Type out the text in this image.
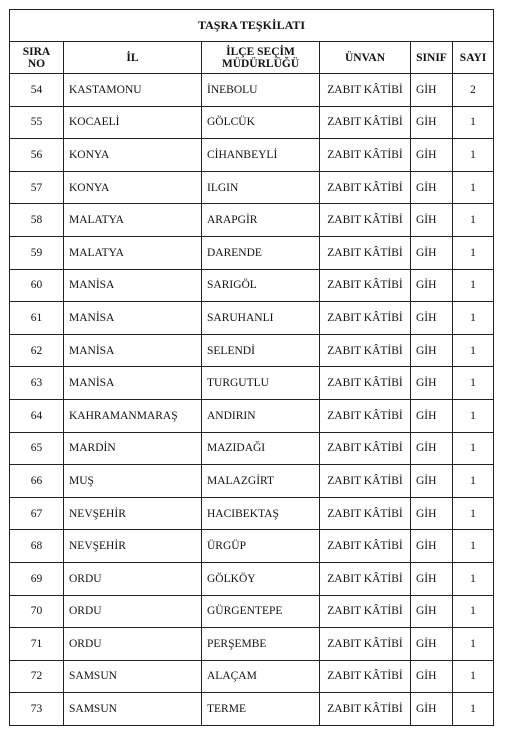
TAŞRA TEŞKİLATI					
SIRA
NO	İL	İLÇE SEÇİM
MÜDÜRLÜĞÜ	ÜNVAN	SINIF	SAYI
54	KASTAMONU	İNEBOLU	ZABIT KÂTİBİ	GİH	2
55	KOCAELİ	GÖLCÜK	ZABIT KÂTİBİ	GİH	1
56	KONYA	CİHANBEYLİ	ZABIT KÂTİBİ	GİH	1
57	KONYA	ILGIN	ZABIT KÂTİBİ	GİH	1
58	MALATYA	ARAPGİR	ZABIT KÂTİBİ	GİH	1
59	MALATYA	DARENDE	ZABIT KÂTİBİ	GİH	1
60	MANİSA	SARIGÖL	ZABIT KÂTİBİ	GİH	1
61	MANİSA	SARUHANLI	ZABIT KÂTİBİ	GİH	1
62	MANİSA	SELENDİ	ZABIT KÂTİBİ	GİH	1
63	MANİSA	TURGUTLU	ZABIT KÂTİBİ	GİH	1
64	KAHRAMANMARAŞ	ANDIRIN	ZABIT KÂTİBİ	GİH	1
65	MARDİN	MAZIDAĞI	ZABIT KÂTİBİ	GİH	1
66	MUŞ	MALAZGİRT	ZABIT KÂTİBİ	GİH	1
67	NEVŞEHİR	HACIBEKTAŞ	ZABIT KÂTİBİ	GİH	1
68	NEVŞEHİR	ÜRGÜP	ZABIT KÂTİBİ	GİH	1
69	ORDU	GÖLKÖY	ZABIT KÂTİBİ	GİH	1
70	ORDU	GÜRGENTEPE	ZABIT KÂTİBİ	GİH	1
71	ORDU	PERŞEMBE	ZABIT KÂTİBİ	GİH	1
72	SAMSUN	ALAÇAM	ZABIT KÂTİBİ	GİH	1
73	SAMSUN	TERME	ZABIT KÂTİBİ	GİH	1
